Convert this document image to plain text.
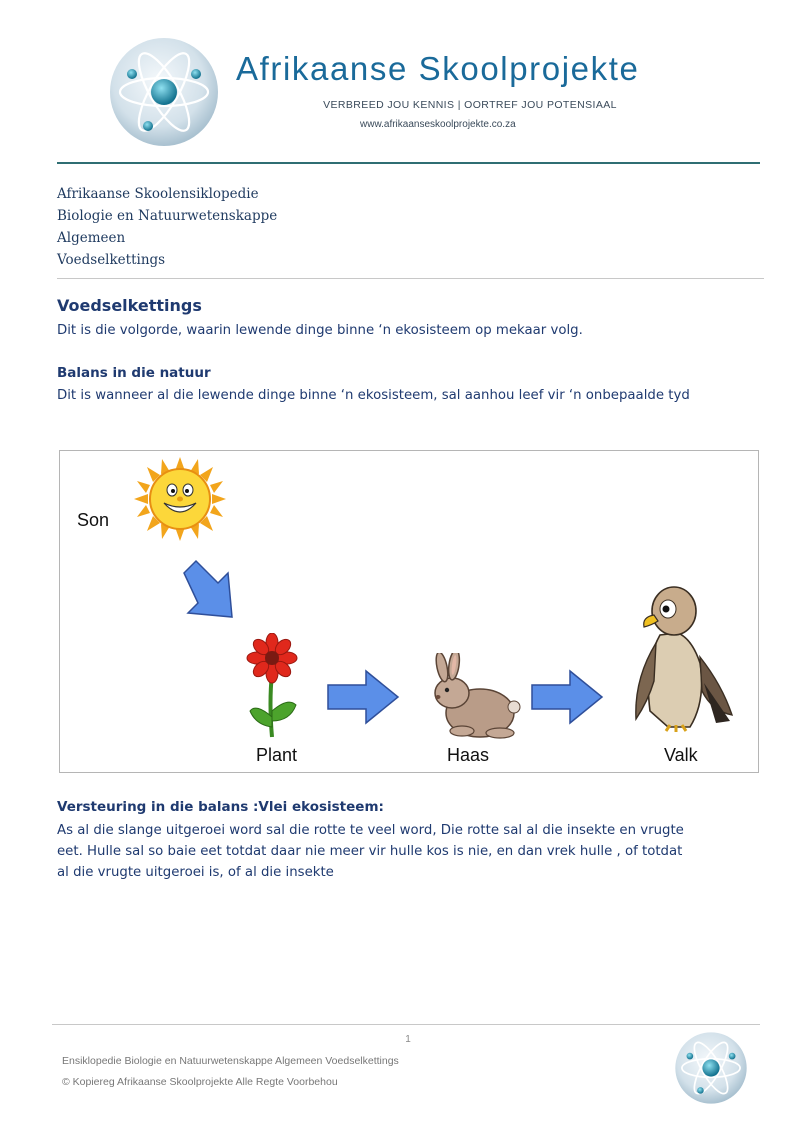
Afrikaanse Skoolprojekte
VERBREED JOU KENNIS | OORTREF JOU POTENSIAAL
www.afrikaanseskoolprojekte.co.za
Afrikaanse Skoolensiklopedie
Biologie en Natuurwetenskappe
Algemeen
Voedselkettings
Voedselkettings
Dit is die volgorde, waarin lewende dinge binne ‘n ekosisteem op mekaar volg.
Balans in die natuur
Dit is wanneer al die lewende dinge binne ‘n ekosisteem, sal aanhou leef vir ‘n onbepaalde tyd
Son
Plant	Haas	Valk
Versteuring in die balans :Vlei ekosisteem:
As al die slange uitgeroei word sal die rotte te veel word, Die rotte sal al die insekte en vrugte
eet. Hulle sal so baie eet totdat daar nie meer vir hulle kos is nie, en dan vrek hulle , of totdat
al die vrugte uitgeroei is, of al die insekte
1
Ensiklopedie Biologie en Natuurwetenskappe Algemeen Voedselkettings
© Kopiereg Afrikaanse Skoolprojekte Alle Regte Voorbehou
